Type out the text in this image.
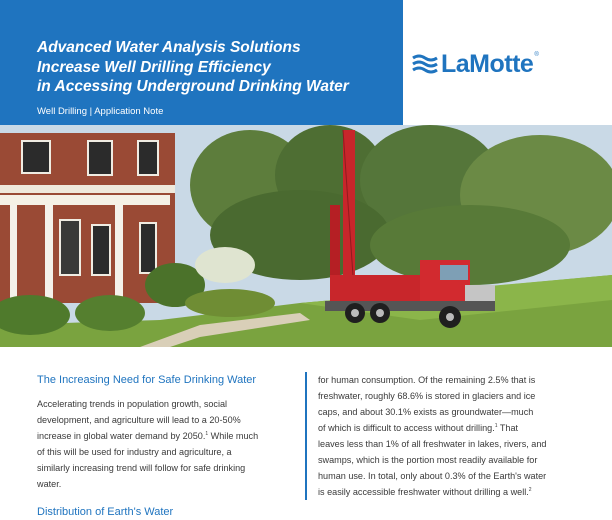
Advanced Water Analysis Solutions
Increase Well Drilling Efficiency
in Accessing Underground Drinking Water
Well Drilling | Application Note
LaMotte ®
The Increasing Need for Safe Drinking Water
Accelerating trends in population growth, social
development, and agriculture will lead to a 20-50%
increase in global water demand by 2050.$^1$ While much
of this will be used for industry and agriculture, a
similarly increasing trend will follow for safe drinking
water.
Distribution of Earth's Water
for human consumption. Of the remaining 2.5% that is
freshwater, roughly 68.6% is stored in glaciers and ice
caps, and about 30.1% exists as groundwater—much
of which is difficult to access without drilling.$^1$ That
leaves less than 1% of all freshwater in lakes, rivers, and
swamps, which is the portion most readily available for
human use. In total, only about 0.3% of the Earth's water
is easily accessible freshwater without drilling a well.$^2$
